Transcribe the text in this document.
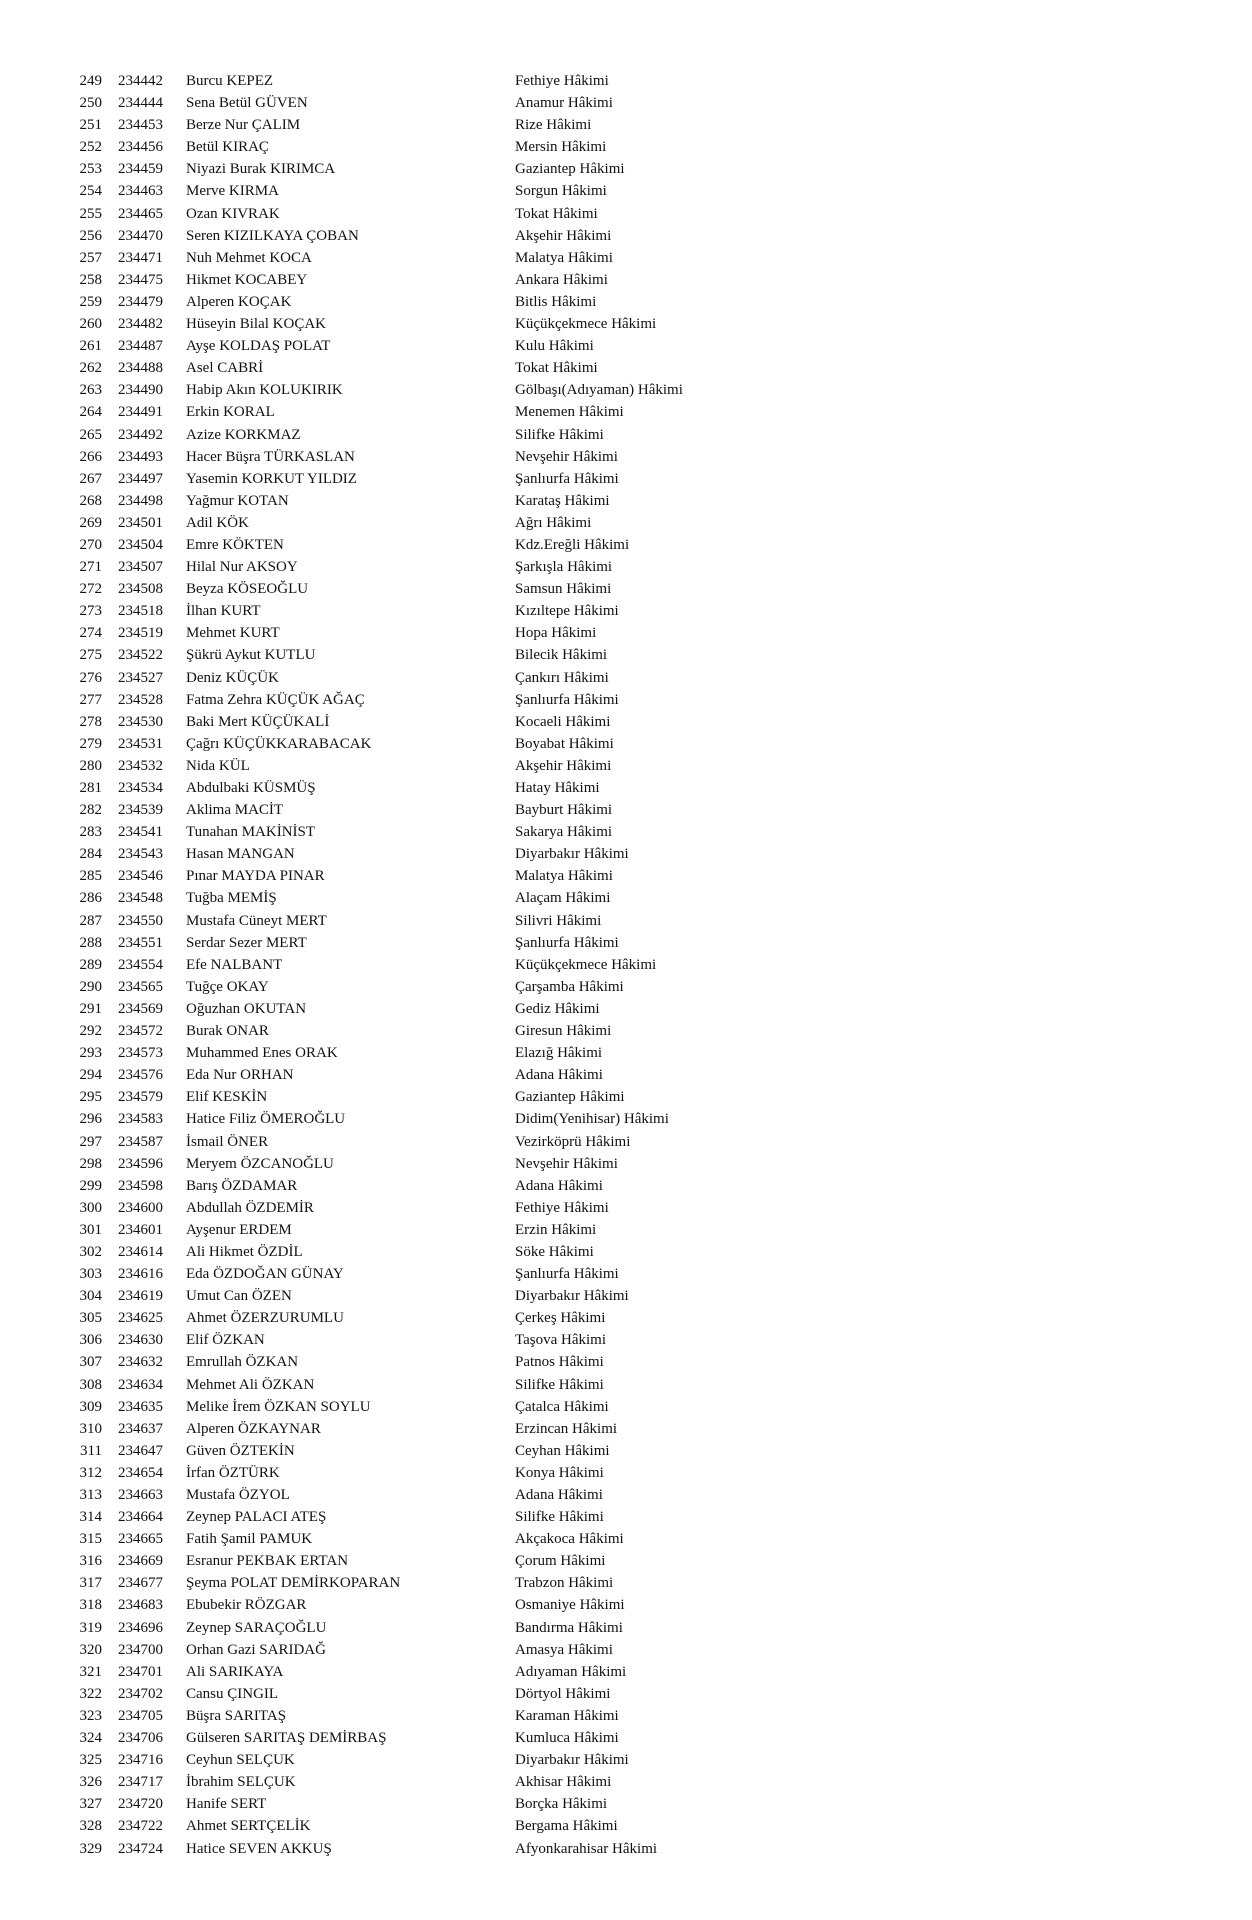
249 234442 Burcu KEPEZ	Fethiye Hâkimi
250 234444 Sena Betül GÜVEN	Anamur Hâkimi
251 234453 Berze Nur ÇALIM	Rize Hâkimi
252 234456 Betül KIRAÇ	Mersin Hâkimi
253 234459 Niyazi Burak KIRIMCA	Gaziantep Hâkimi
254 234463 Merve KIRMA	Sorgun Hâkimi
255 234465 Ozan KIVRAK	Tokat Hâkimi
256 234470 Seren KIZILKAYA ÇOBAN	Akşehir Hâkimi
257 234471 Nuh Mehmet KOCA	Malatya Hâkimi
258 234475 Hikmet KOCABEY	Ankara Hâkimi
259 234479 Alperen KOÇAK	Bitlis Hâkimi
260 234482 Hüseyin Bilal KOÇAK	Küçükçekmece Hâkimi
261 234487 Ayşe KOLDAŞ POLAT	Kulu Hâkimi
262 234488 Asel CABRİ	Tokat Hâkimi
263 234490 Habip Akın KOLUKIRIK	Gölbaşı(Adıyaman) Hâkimi
264 234491 Erkin KORAL	Menemen Hâkimi
265 234492 Azize KORKMAZ	Silifke Hâkimi
266 234493 Hacer Büşra TÜRKASLAN	Nevşehir Hâkimi
267 234497 Yasemin KORKUT YILDIZ	Şanlıurfa Hâkimi
268 234498 Yağmur KOTAN	Karataş Hâkimi
269 234501 Adil KÖK	Ağrı Hâkimi
270 234504 Emre KÖKTEN	Kdz.Ereğli Hâkimi
271 234507 Hilal Nur AKSOY	Şarkışla Hâkimi
272 234508 Beyza KÖSEOĞLU	Samsun Hâkimi
273 234518 İlhan KURT	Kızıltepe Hâkimi
274 234519 Mehmet KURT	Hopa Hâkimi
275 234522 Şükrü Aykut KUTLU	Bilecik Hâkimi
276 234527 Deniz KÜÇÜK	Çankırı Hâkimi
277 234528 Fatma Zehra KÜÇÜK AĞAÇ	Şanlıurfa Hâkimi
278 234530 Baki Mert KÜÇÜKALİ	Kocaeli Hâkimi
279 234531 Çağrı KÜÇÜKKARABACAK	Boyabat Hâkimi
280 234532 Nida KÜL	Akşehir Hâkimi
281 234534 Abdulbaki KÜSMÜŞ	Hatay Hâkimi
282 234539 Aklima MACİT	Bayburt Hâkimi
283 234541 Tunahan MAKİNİST	Sakarya Hâkimi
284 234543 Hasan MANGAN	Diyarbakır Hâkimi
285 234546 Pınar MAYDA PINAR	Malatya Hâkimi
286 234548 Tuğba MEMİŞ	Alaçam Hâkimi
287 234550 Mustafa Cüneyt MERT	Silivri Hâkimi
288 234551 Serdar Sezer MERT	Şanlıurfa Hâkimi
289 234554 Efe NALBANT	Küçükçekmece Hâkimi
290 234565 Tuğçe OKAY	Çarşamba Hâkimi
291 234569 Oğuzhan OKUTAN	Gediz Hâkimi
292 234572 Burak ONAR	Giresun Hâkimi
293 234573 Muhammed Enes ORAK	Elazığ Hâkimi
294 234576 Eda Nur ORHAN	Adana Hâkimi
295 234579 Elif KESKİN	Gaziantep Hâkimi
296 234583 Hatice Filiz ÖMEROĞLU	Didim(Yenihisar) Hâkimi
297 234587 İsmail ÖNER	Vezirköprü Hâkimi
298 234596 Meryem ÖZCANOĞLU	Nevşehir Hâkimi
299 234598 Barış ÖZDAMAR	Adana Hâkimi
300 234600 Abdullah ÖZDEMİR	Fethiye Hâkimi
301 234601 Ayşenur ERDEM	Erzin Hâkimi
302 234614 Ali Hikmet ÖZDİL	Söke Hâkimi
303 234616 Eda ÖZDOĞAN GÜNAY	Şanlıurfa Hâkimi
304 234619 Umut Can ÖZEN	Diyarbakır Hâkimi
305 234625 Ahmet ÖZERZURUMLU	Çerkeş Hâkimi
306 234630 Elif ÖZKAN	Taşova Hâkimi
307 234632 Emrullah ÖZKAN	Patnos Hâkimi
308 234634 Mehmet Ali ÖZKAN	Silifke Hâkimi
309 234635 Melike İrem ÖZKAN SOYLU	Çatalca Hâkimi
310 234637 Alperen ÖZKAYNAR	Erzincan Hâkimi
311 234647 Güven ÖZTEKİN	Ceyhan Hâkimi
312 234654 İrfan ÖZTÜRK	Konya Hâkimi
313 234663 Mustafa ÖZYOL	Adana Hâkimi
314 234664 Zeynep PALACI ATEŞ	Silifke Hâkimi
315 234665 Fatih Şamil PAMUK	Akçakoca Hâkimi
316 234669 Esranur PEKBAK ERTAN	Çorum Hâkimi
317 234677 Şeyma POLAT DEMİRKOPARAN	Trabzon Hâkimi
318 234683 Ebubekir RÖZGAR	Osmaniye Hâkimi
319 234696 Zeynep SARAÇOĞLU	Bandırma Hâkimi
320 234700 Orhan Gazi SARIDAĞ	Amasya Hâkimi
321 234701 Ali SARIKAYA	Adıyaman Hâkimi
322 234702 Cansu ÇINGIL	Dörtyol Hâkimi
323 234705 Büşra SARITAŞ	Karaman Hâkimi
324 234706 Gülseren SARITAŞ DEMİRBAŞ	Kumluca Hâkimi
325 234716 Ceyhun SELÇUK	Diyarbakır Hâkimi
326 234717 İbrahim SELÇUK	Akhisar Hâkimi
327 234720 Hanife SERT	Borçka Hâkimi
328 234722 Ahmet SERTÇELİK	Bergama Hâkimi
329 234724 Hatice SEVEN AKKUŞ	Afyonkarahisar Hâkimi
